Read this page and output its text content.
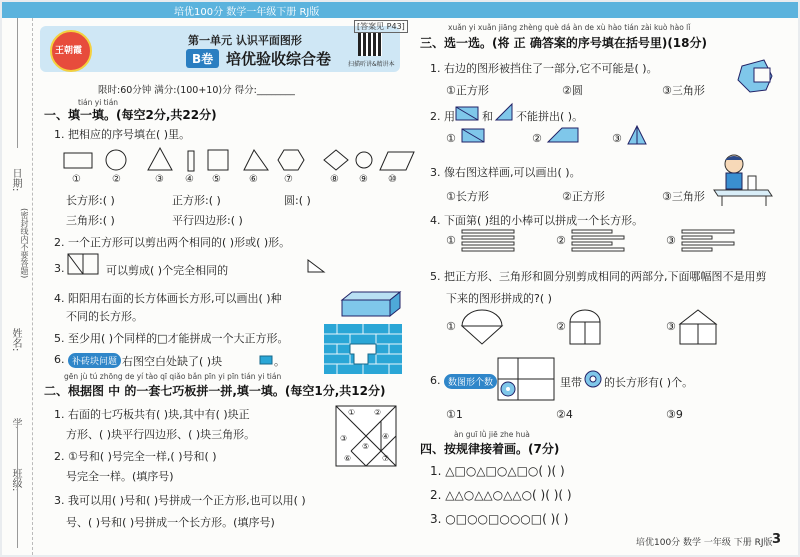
培优100分 数学一年级下册 RJ版
日期:
(密封线内不要答题)
姓名:
学
班级:
王朝霞
第一单元 认识平面图形
B卷 培优验收综合卷	扫描听讲&精讲本
[答案见 P43]
限时:60分钟 满分:(100+10)分 得分:________
tián yi tián
一、填一填。(每空2分,共22分)
1. 把相应的序号填在( )里。
①	②	③ ④ ⑤	⑥	⑦	⑧ ⑨ ⑩
长方形:( )	正方形:( )	圆:( )
三角形:( )	平行四边形:( )
2. 一个正方形可以剪出两个相同的( )形或( )形。
3.	可以剪成( )个完全相同的
4. 阳阳用右面的长方体画长方形,可以画出( )种
不同的长方形。
5. 至少用( )个同样的□才能拼成一个大正方形。
6. 补砖块问题 右图空白处缺了( )块	。
gēn jù tú zhōng de yí tào qī qiǎo bǎn pīn yi pīn tián yi tián
二、根据图 中 的一套七巧板拼一拼,填一填。(每空1分,共12分)
1. 右面的七巧板共有( )块,其中有( )块正
方形、( )块平行四边形、( )块三角形。
2. ①号和( )号完全一样,( )号和( )
号完全一样。(填序号)
① ②
③	④
⑤
⑥	⑦
3. 我可以用( )号和( )号拼成一个正方形,也可以用( )
号、( )号和( )号拼成一个长方形。(填序号)
xuǎn yi xuǎn jiāng zhèng què dá àn de xù hào tián zài kuò hào lǐ
三、选一选。(将 正 确答案的序号填在括号里)(18分)
1. 右边的图形被挡住了一部分,它不可能是( )。
①正方形	②圆	③三角形
2. 用 和 不能拼出( )。
①	②	③
3. 像右图这样画,可以画出( )。
①长方形	②正方形	③三角形
4. 下面第( )组的小棒可以拼成一个长方形。
①	②	③
5. 把正方形、三角形和圆分别剪成相同的两部分,下面哪幅图不是用剪
下来的图形拼成的?( )
①	②	③
6. 数图形个数	里带 的长方形有( )个。
①1	②4	③9
àn guī lǜ jiē zhe huà
四、按规律接着画。(7分)
1. △□○△□○△□○( )( )
2. △△○△△○△△○( )( )( )
3. ○□○○□○○○□( )( )
培优100分 数学 一年级 下册 RJ版 3
